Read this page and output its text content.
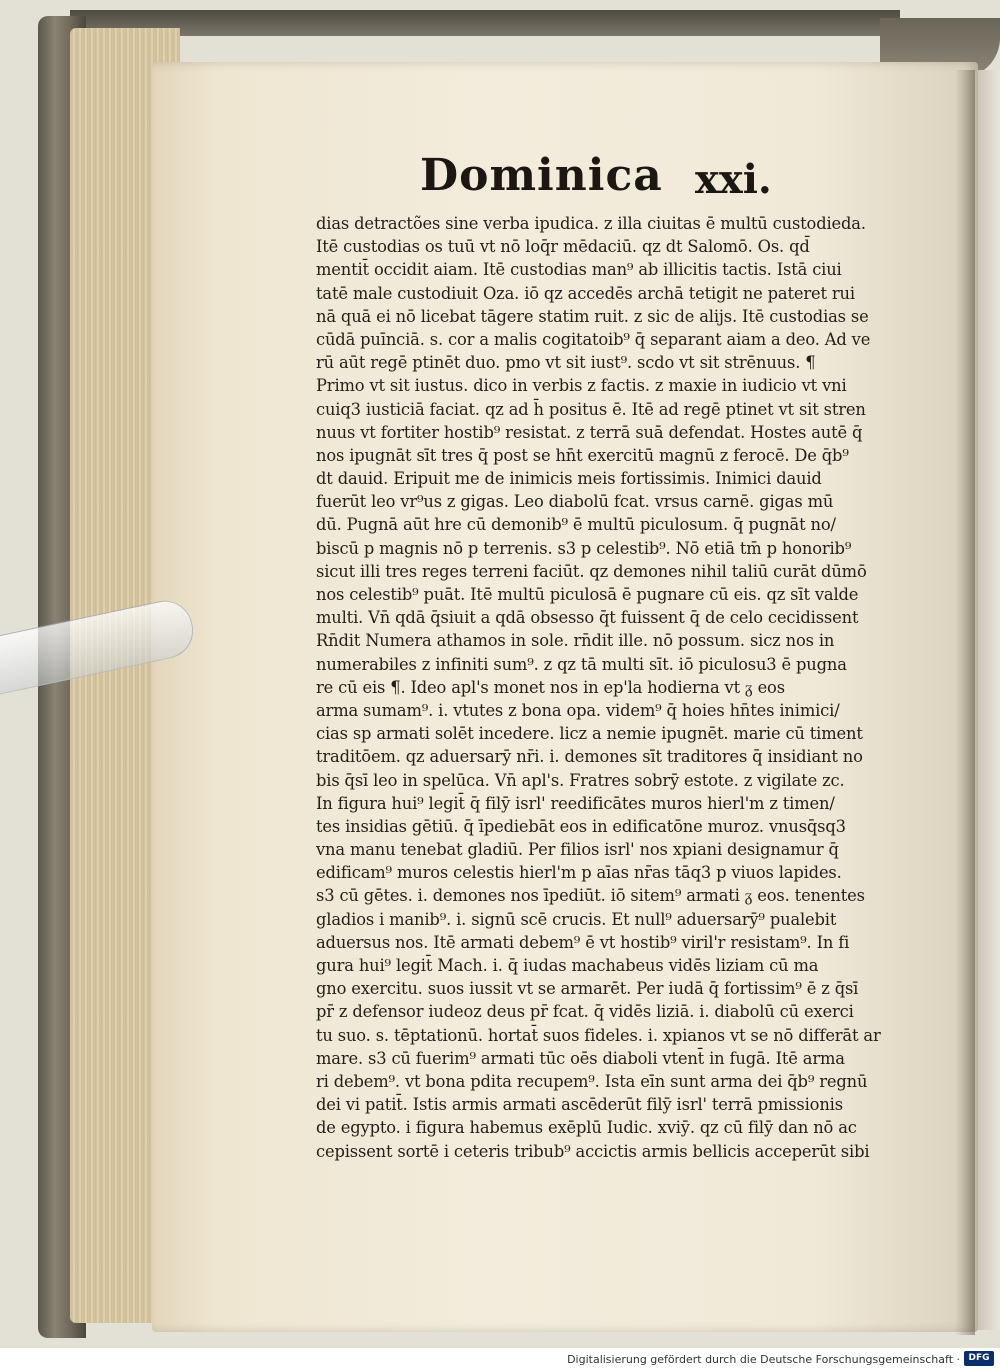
Dominica xxi.
dias detractões sine verba ipudica. z illa ciuitas ē multū custodieda.
Itē custodias os tuū vt nō loq̄r mēdaciū. qz dt Salomō. Os. qd̄
mentit̄ occidit aiam. Itē custodias man⁹ ab illicitis tactis. Istā ciui
tatē male custodiuit Oza. iō qz accedēs archā tetigit ne pateret rui
nā quā ei nō licebat tāgere statim ruit. z sic de alijs. Itē custodias se
cūdā puīnciā. s. cor a malis cogitatoib⁹ q̄ separant aiam a deo. Ad ve
rū aūt regē ptinēt duo. pmo vt sit iust⁹. scdo vt sit strēnuus. ¶
Primo vt sit iustus. dico in verbis z factis. z maxie in iudicio vt vni
cuiq3 iusticiā faciat. qz ad h̄ positus ē. Itē ad regē ptinet vt sit stren
nuus vt fortiter hostib⁹ resistat. z terrā suā defendat. Hostes autē q̄
nos ipugnāt sīt tres q̄ post se hn̄t exercitū magnū z ferocē. De q̄b⁹
dt dauid. Eripuit me de inimicis meis fortissimis. Inimici dauid
fuerūt leo vr⁹us z gigas. Leo diabolū fcat. vrsus carnē. gigas mū
dū. Pugnā aūt hre cū demonib⁹ ē multū piculosum. q̄ pugnāt no/
biscū p magnis nō p terrenis. s3 p celestib⁹. Nō etiā tm̄ p honorib⁹
sicut illi tres reges terreni faciūt. qz demones nihil taliū curāt dūmō
nos celestib⁹ puāt. Itē multū piculosā ē pugnare cū eis. qz sīt valde
multi. Vn̄ qdā q̄siuit a qdā obsesso q̄t fuissent q̄ de celo cecidissent
Rn̄dit Numera athamos in sole. rn̄dit ille. nō possum. sicz nos in
numerabiles z infiniti sum⁹. z qz tā multi sīt. iō piculosu3 ē pugna
re cū eis ¶. Ideo apl's monet nos in ep'la hodierna vt ᵹ eos
arma sumam⁹. i. vtutes z bona opa. videm⁹ q̄ hoies hn̄tes inimici/
cias sp armati solēt incedere. licz a nemie ipugnēt. marie cū timent
traditōem. qz aduersarȳ nr̄i. i. demones sīt traditores q̄ insidiant no
bis q̄sī leo in spelūca. Vn̄ apl's. Fratres sobrȳ estote. z vigilate zc.
In figura hui⁹ legit̄ q̄ filȳ isrl' reedificātes muros hierl'm z timen/
tes insidias gētiū. q̄ īpediebāt eos in edificatōne muroz. vnusq̄sq3
vna manu tenebat gladiū. Per filios isrl' nos xpiani designamur q̄
edificam⁹ muros celestis hierl'm p aīas nr̄as tāq3 p viuos lapides.
s3 cū gētes. i. demones nos īpediūt. iō sitem⁹ armati ᵹ eos. tenentes
gladios i manib⁹. i. signū scē crucis. Et null⁹ aduersarȳ⁹ pualebit
aduersus nos. Itē armati debem⁹ ē vt hostib⁹ viril'r resistam⁹. In fi
gura hui⁹ legit̄ Mach. i. q̄ iudas machabeus vidēs liziam cū ma
gno exercitu. suos iussit vt se armarēt. Per iudā q̄ fortissim⁹ ē z q̄sī
pr̄ z defensor iudeoz deus pr̄ fcat. q̄ vidēs liziā. i. diabolū cū exerci
tu suo. s. tēptationū. hortat̄ suos fideles. i. xpianos vt se nō differāt ar
mare. s3 cū fuerim⁹ armati tūc oēs diaboli vtent̄ in fugā. Itē arma
ri debem⁹. vt bona pdita recupem⁹. Ista eīn sunt arma dei q̄b⁹ regnū
dei vi patit̄. Istis armis armati ascēderūt filȳ isrl' terrā pmissionis
de egypto. i figura habemus exēplū Iudic. xviȳ. qz cū filȳ dan nō ac
cepissent sortē i ceteris tribub⁹ accictis armis bellicis acceperūt sibi
Digitalisierung gefördert durch die Deutsche Forschungsgemeinschaft · DFG
